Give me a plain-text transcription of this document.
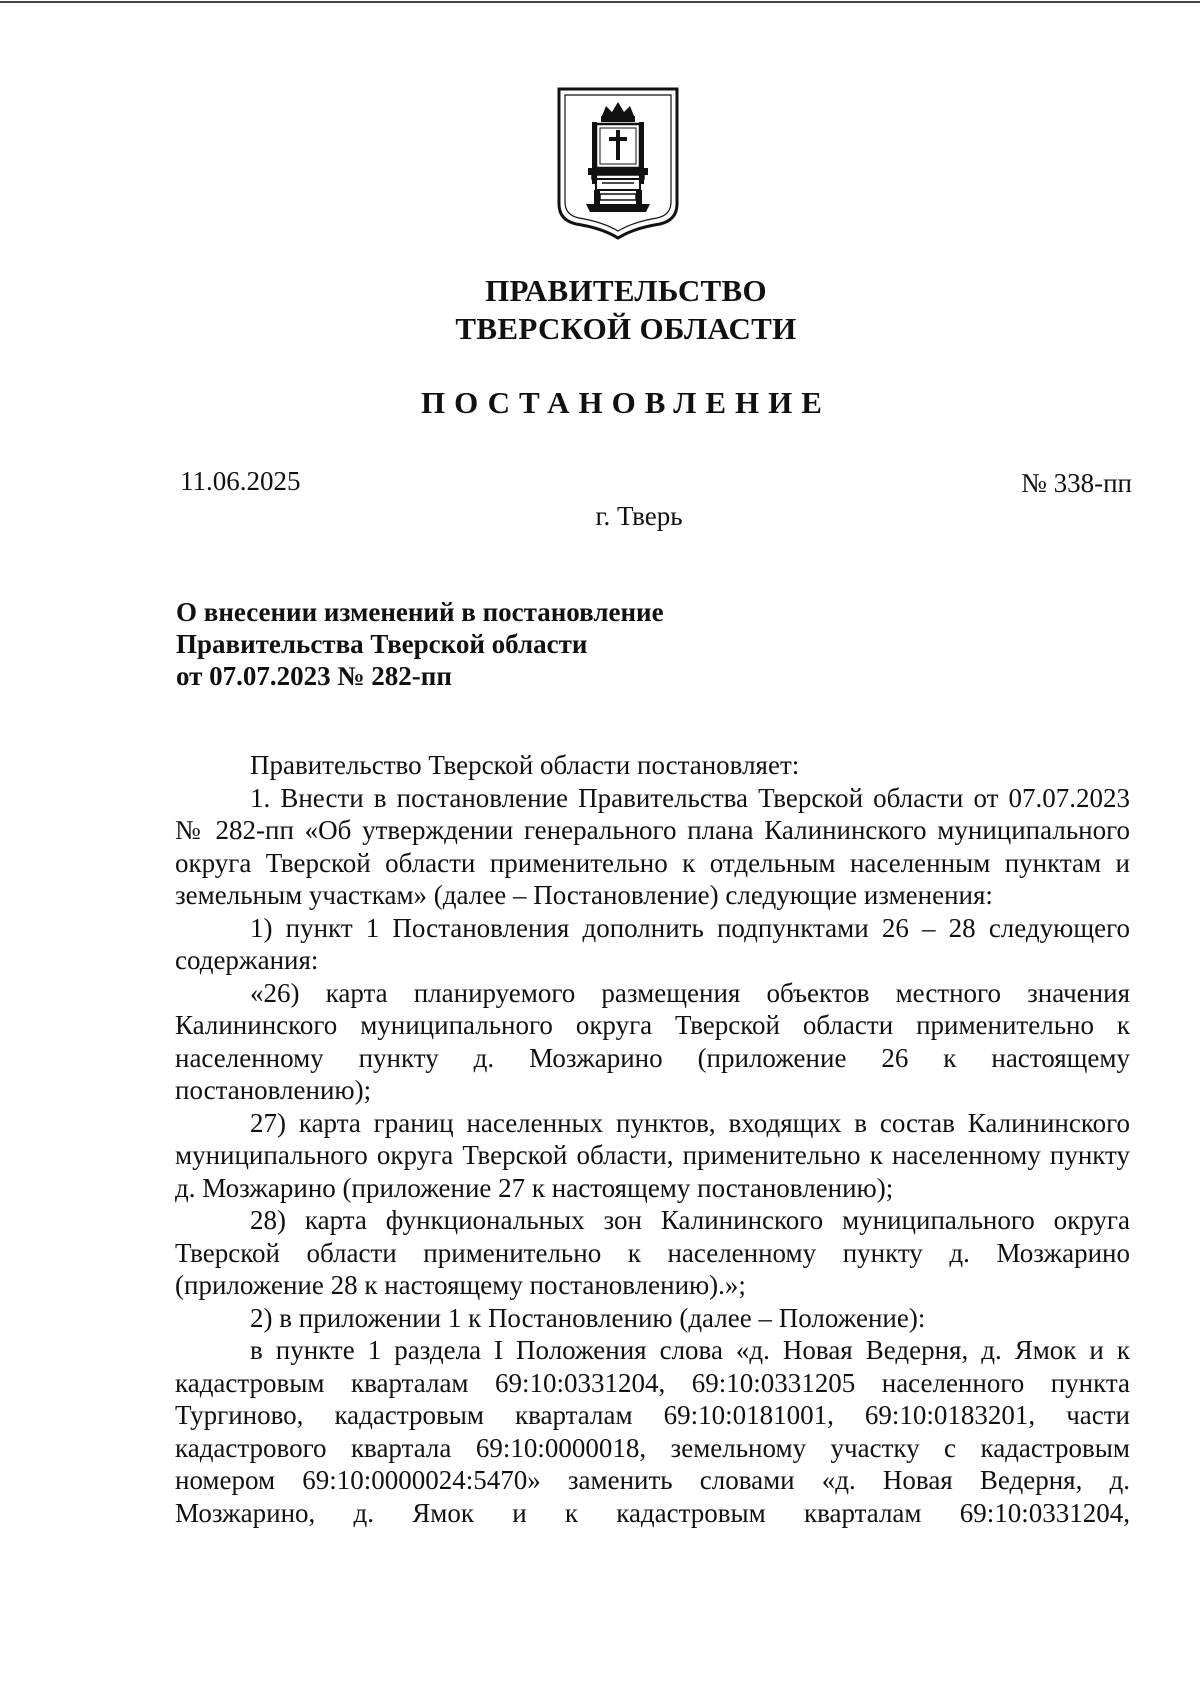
ПРАВИТЕЛЬСТВО
ТВЕРСКОЙ ОБЛАСТИ
ПОСТАНОВЛЕНИЕ
11.06.2025	№ 338-пп
г. Тверь
О внесении изменений в постановление
Правительства Тверской области
от 07.07.2023 № 282-пп

Правительство Тверской области постановляет:

1. Внести в постановление Правительства Тверской области от 07.07.2023 № 282-пп «Об утверждении генерального плана Калининского муниципального округа Тверской области применительно к отдельным населенным пунктам и земельным участкам» (далее – Постановление) следующие изменения:

1) пункт 1 Постановления дополнить подпунктами 26 – 28 следующего содержания:

«26) карта планируемого размещения объектов местного значения Калининского муниципального округа Тверской области применительно к населенному пункту д. Мозжарино (приложение 26 к настоящему постановлению);

27) карта границ населенных пунктов, входящих в состав Калининского муниципального округа Тверской области, применительно к населенному пункту д. Мозжарино (приложение 27 к настоящему постановлению);

28) карта функциональных зон Калининского муниципального округа Тверской области применительно к населенному пункту д. Мозжарино (приложение 28 к настоящему постановлению).»;

2) в приложении 1 к Постановлению (далее – Положение):

в пункте 1 раздела I Положения слова «д. Новая Ведерня, д. Ямок и к кадастровым кварталам 69:10:0331204, 69:10:0331205 населенного пункта Тургиново, кадастровым кварталам 69:10:0181001, 69:10:0183201, части кадастрового квартала 69:10:0000018, земельному участку с кадастровым номером 69:10:0000024:5470» заменить словами «д. Новая Ведерня, д. Мозжарино, д. Ямок и к кадастровым кварталам 69:10:0331204,
